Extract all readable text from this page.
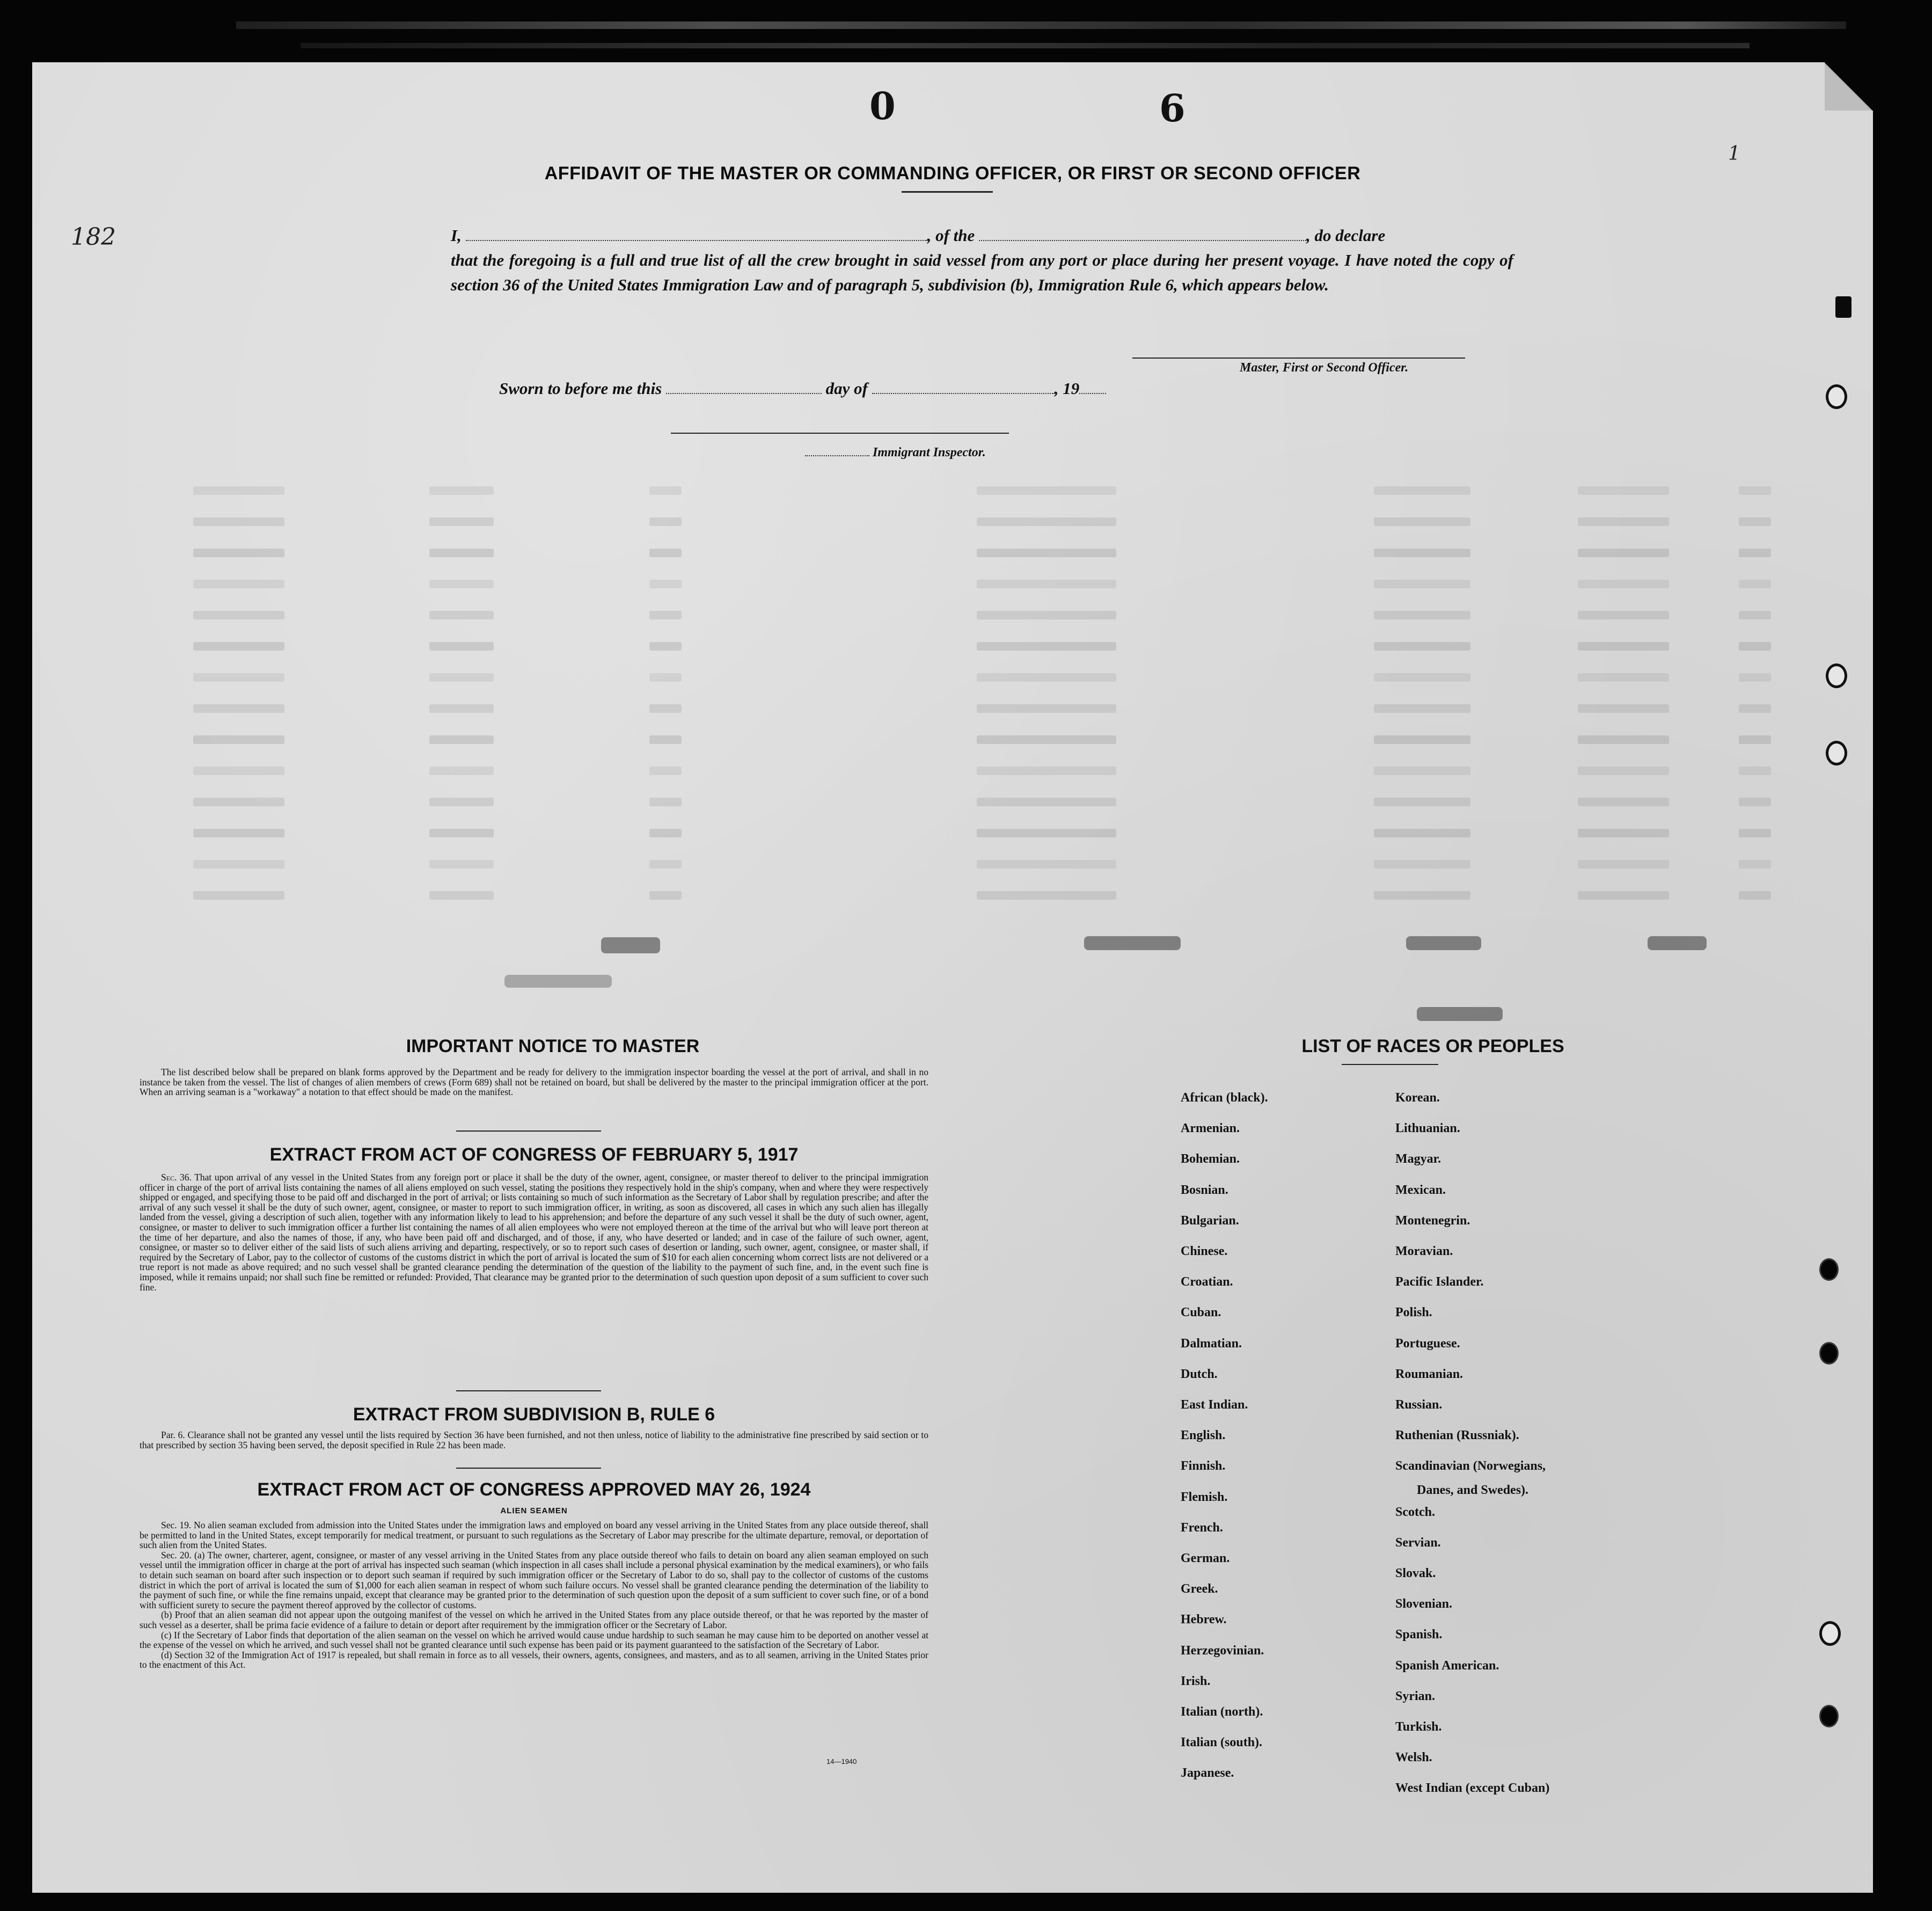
0	6
182
1
AFFIDAVIT OF THE MASTER OR COMMANDING OFFICER, OR FIRST OR SECOND OFFICER
I,	, of the	, do declare
that the foregoing is a full and true list of all the crew brought in said vessel from any port or place during her present voyage. I have noted the copy of section 36 of the United States Immigration Law and of paragraph 5, subdivision (b), Immigration Rule 6, which appears below.
Master, First or Second Officer.
Sworn to before me this	day of	, 19
Immigrant Inspector.
IMPORTANT NOTICE TO MASTER
The list described below shall be prepared on blank forms approved by the Department and be ready for delivery to the immigration inspector boarding the vessel at the port of arrival, and shall in no instance be taken from the vessel. The list of changes of alien members of crews (Form 689) shall not be retained on board, but shall be delivered by the master to the principal immigration officer at the port. When an arriving seaman is a "workaway" a notation to that effect should be made on the manifest.
EXTRACT FROM ACT OF CONGRESS OF FEBRUARY 5, 1917
Sec. 36. That upon arrival of any vessel in the United States from any foreign port or place it shall be the duty of the owner, agent, consignee, or master thereof to deliver to the principal immigration officer in charge of the port of arrival lists containing the names of all aliens employed on such vessel, stating the positions they respectively hold in the ship's company, when and where they were respectively shipped or engaged, and specifying those to be paid off and discharged in the port of arrival; or lists containing so much of such information as the Secretary of Labor shall by regulation prescribe; and after the arrival of any such vessel it shall be the duty of such owner, agent, consignee, or master to report to such immigration officer, in writing, as soon as discovered, all cases in which any such alien has illegally landed from the vessel, giving a description of such alien, together with any information likely to lead to his apprehension; and before the departure of any such vessel it shall be the duty of such owner, agent, consignee, or master to deliver to such immigration officer a further list containing the names of all alien employees who were not employed thereon at the time of the arrival but who will leave port thereon at the time of her departure, and also the names of those, if any, who have been paid off and discharged, and of those, if any, who have deserted or landed; and in case of the failure of such owner, agent, consignee, or master so to deliver either of the said lists of such aliens arriving and departing, respectively, or so to report such cases of desertion or landing, such owner, agent, consignee, or master shall, if required by the Secretary of Labor, pay to the collector of customs of the customs district in which the port of arrival is located the sum of $10 for each alien concerning whom correct lists are not delivered or a true report is not made as above required; and no such vessel shall be granted clearance pending the determination of the question of the liability to the payment of such fine, and, in the event such fine is imposed, while it remains unpaid; nor shall such fine be remitted or refunded: Provided, That clearance may be granted prior to the determination of such question upon deposit of a sum sufficient to cover such fine.
EXTRACT FROM SUBDIVISION B, RULE 6
Par. 6. Clearance shall not be granted any vessel until the lists required by Section 36 have been furnished, and not then unless, notice of liability to the administrative fine prescribed by said section or to that prescribed by section 35 having been served, the deposit specified in Rule 22 has been made.
EXTRACT FROM ACT OF CONGRESS APPROVED MAY 26, 1924
ALIEN SEAMEN
Sec. 19. No alien seaman excluded from admission into the United States under the immigration laws and employed on board any vessel arriving in the United States from any place outside thereof, shall be permitted to land in the United States, except temporarily for medical treatment, or pursuant to such regulations as the Secretary of Labor may prescribe for the ultimate departure, removal, or deportation of such alien from the United States.
Sec. 20. (a) The owner, charterer, agent, consignee, or master of any vessel arriving in the United States from any place outside thereof who fails to detain on board any alien seaman employed on such vessel until the immigration officer in charge at the port of arrival has inspected such seaman (which inspection in all cases shall include a personal physical examination by the medical examiners), or who fails to detain such seaman on board after such inspection or to deport such seaman if required by such immigration officer or the Secretary of Labor to do so, shall pay to the collector of customs of the customs district in which the port of arrival is located the sum of $1,000 for each alien seaman in respect of whom such failure occurs. No vessel shall be granted clearance pending the determination of the liability to the payment of such fine, or while the fine remains unpaid, except that clearance may be granted prior to the determination of such question upon the deposit of a sum sufficient to cover such fine, or of a bond with sufficient surety to secure the payment thereof approved by the collector of customs.
(b) Proof that an alien seaman did not appear upon the outgoing manifest of the vessel on which he arrived in the United States from any place outside thereof, or that he was reported by the master of such vessel as a deserter, shall be prima facie evidence of a failure to detain or deport after requirement by the immigration officer or the Secretary of Labor.
(c) If the Secretary of Labor finds that deportation of the alien seaman on the vessel on which he arrived would cause undue hardship to such seaman he may cause him to be deported on another vessel at the expense of the vessel on which he arrived, and such vessel shall not be granted clearance until such expense has been paid or its payment guaranteed to the satisfaction of the Secretary of Labor.
(d) Section 32 of the Immigration Act of 1917 is repealed, but shall remain in force as to all vessels, their owners, agents, consignees, and masters, and as to all seamen, arriving in the United States prior to the enactment of this Act.
14—1940
LIST OF RACES OR PEOPLES
African (black).
Armenian.
Bohemian.
Bosnian.
Bulgarian.
Chinese.
Croatian.
Cuban.
Dalmatian.
Dutch.
East Indian.
English.
Finnish.
Flemish.
French.
German.
Greek.
Hebrew.
Herzegovinian.
Irish.
Italian (north).
Italian (south).
Japanese.
Korean.
Lithuanian.
Magyar.
Mexican.
Montenegrin.
Moravian.
Pacific Islander.
Polish.
Portuguese.
Roumanian.
Russian.
Ruthenian (Russniak).
Scandinavian (Norwegians,
Scotch.
Servian.
Slovak.
Slovenian.
Spanish.
Spanish American.
Syrian.
Turkish.
Welsh.
West Indian (except Cuban)
Danes, and Swedes).
